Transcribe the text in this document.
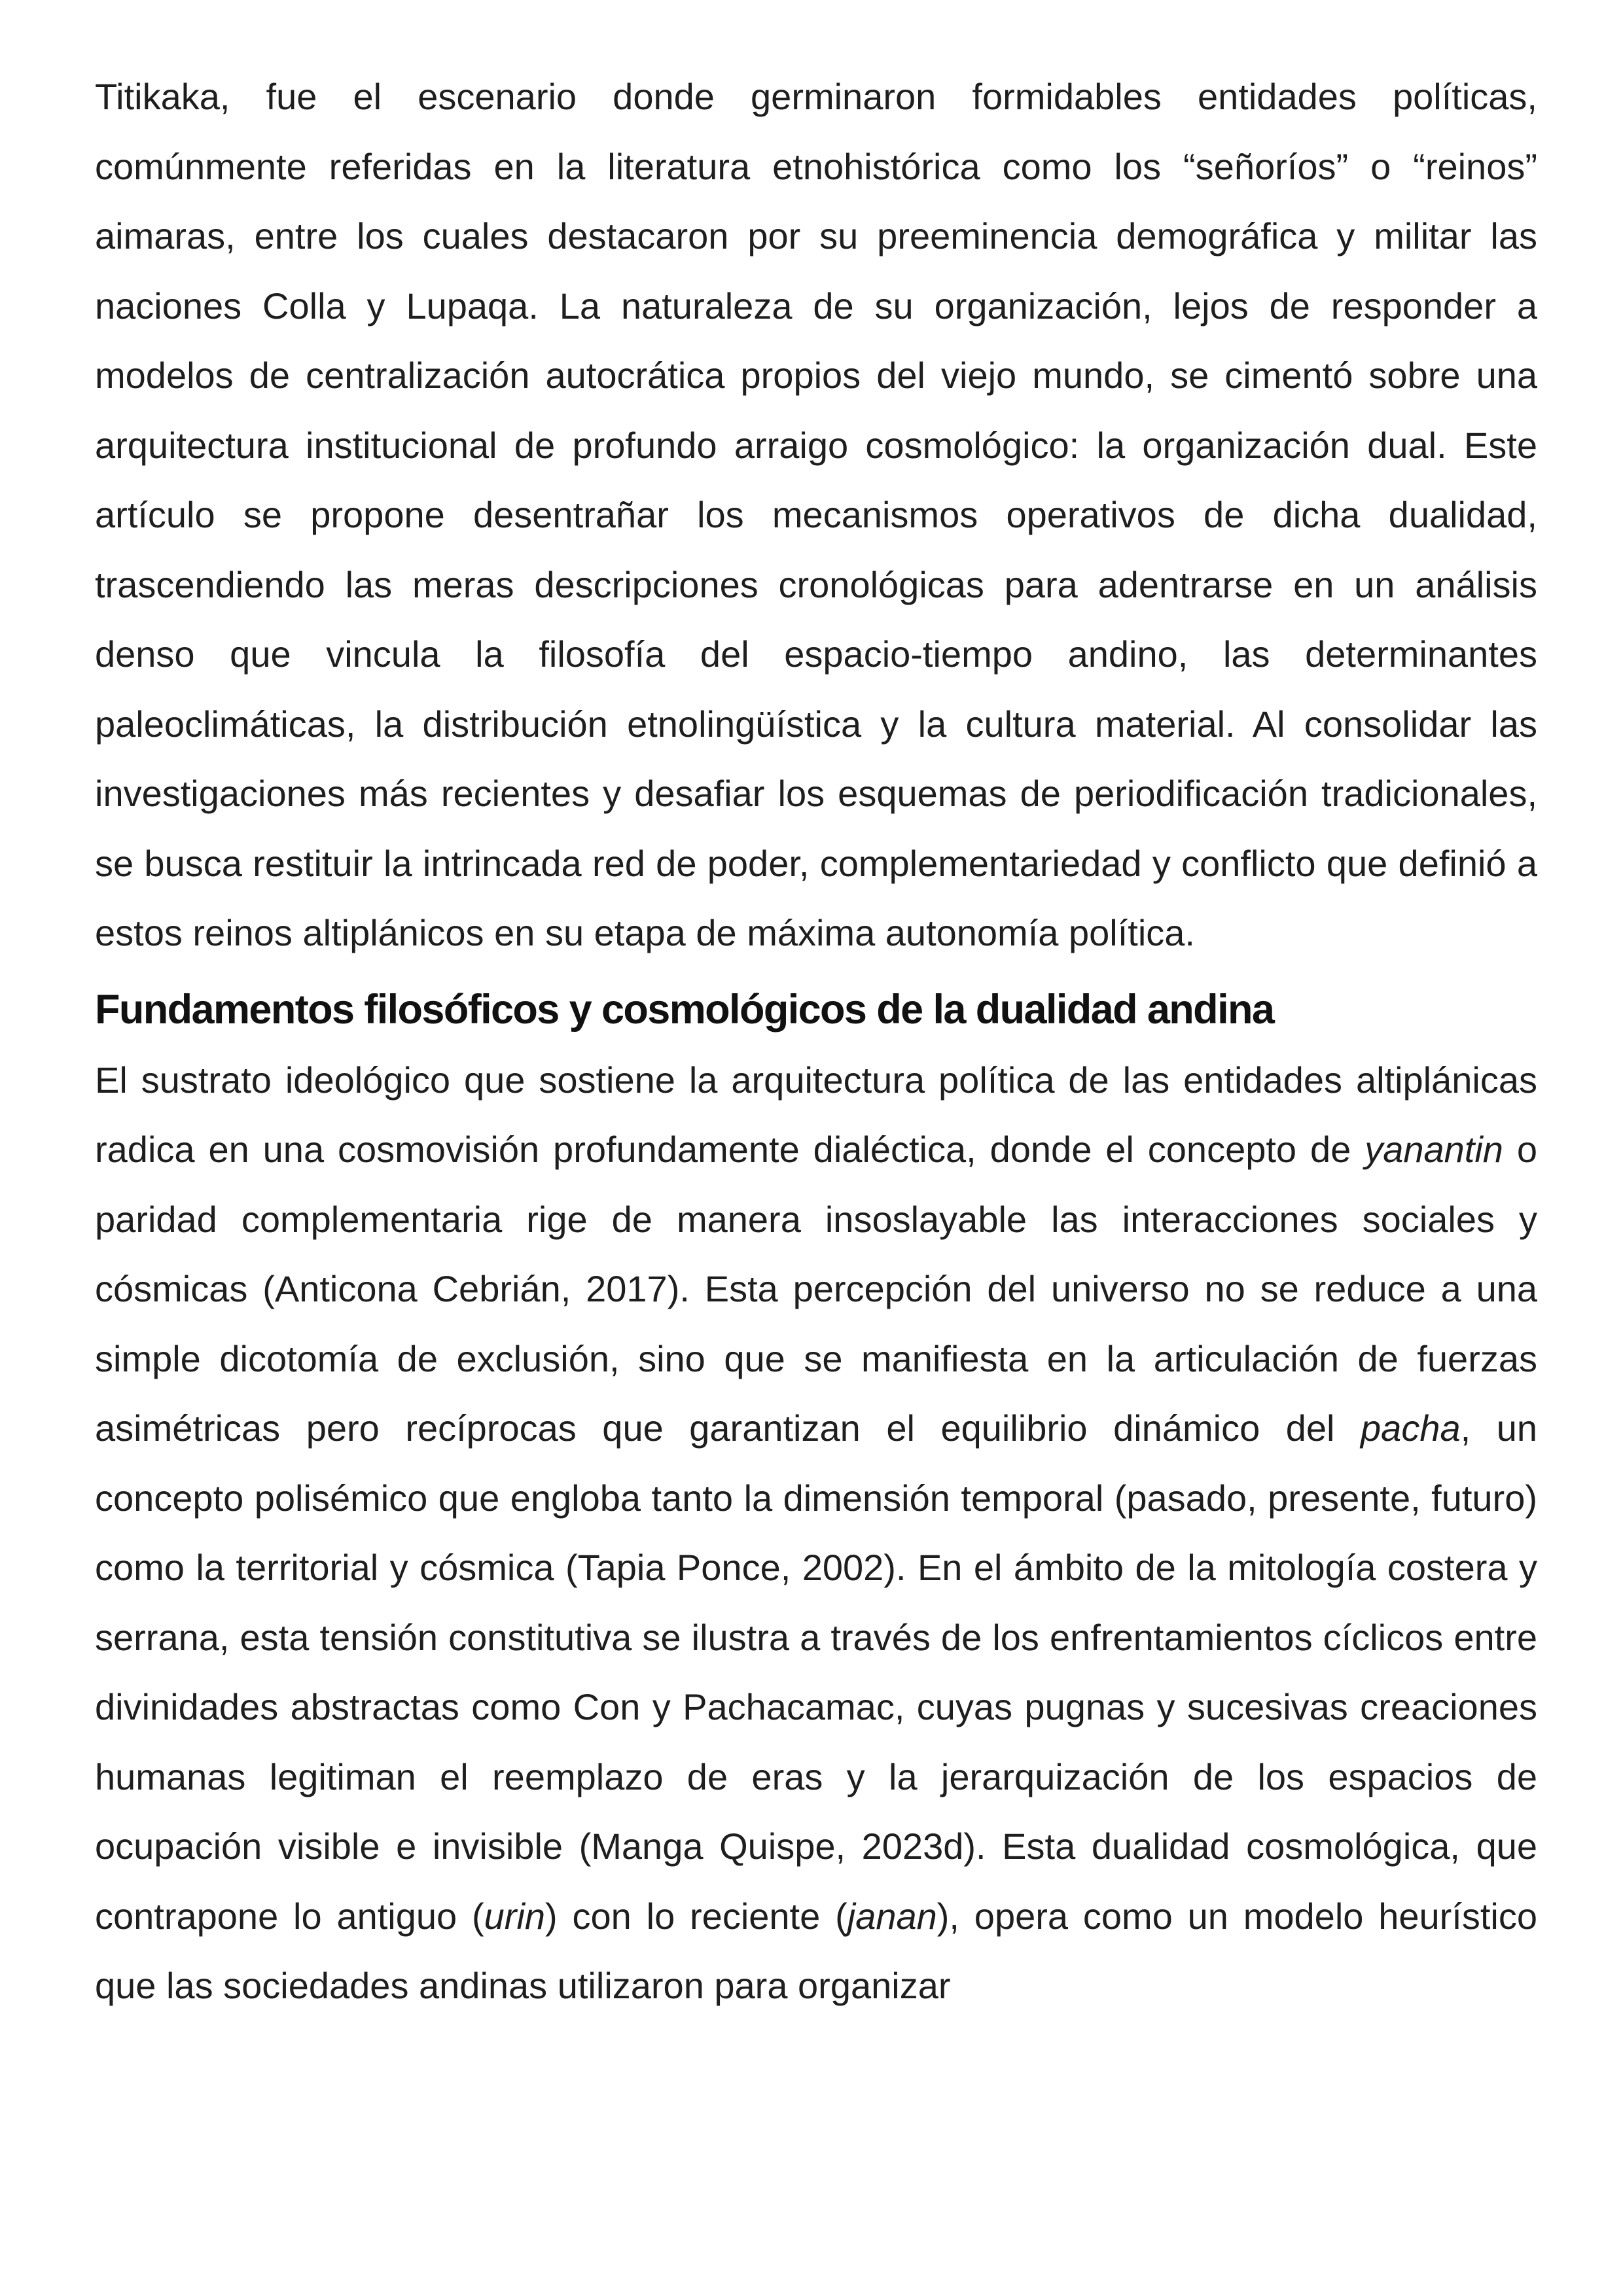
Titikaka, fue el escenario donde germinaron formidables entidades políticas, comúnmente referidas en la literatura etnohistórica como los “señoríos” o “reinos” aimaras, entre los cuales destacaron por su preeminencia demográfica y militar las naciones Colla y Lupaqa. La naturaleza de su organización, lejos de responder a modelos de centralización autocrática propios del viejo mundo, se cimentó sobre una arquitectura institucional de profundo arraigo cosmológico: la organización dual. Este artículo se propone desentrañar los mecanismos operativos de dicha dualidad, trascendiendo las meras descripciones cronológicas para adentrarse en un análisis denso que vincula la filosofía del espacio-tiempo andino, las determinantes paleoclimáticas, la distribución etnolingüística y la cultura material. Al consolidar las investigaciones más recientes y desafiar los esquemas de periodificación tradicionales, se busca restituir la intrincada red de poder, complementariedad y conflicto que definió a estos reinos altiplánicos en su etapa de máxima autonomía política.

Fundamentos filosóficos y cosmológicos de la dualidad andina

El sustrato ideológico que sostiene la arquitectura política de las entidades altiplánicas radica en una cosmovisión profundamente dialéctica, donde el concepto de yanantin o paridad complementaria rige de manera insoslayable las interacciones sociales y cósmicas (Anticona Cebrián, 2017). Esta percepción del universo no se reduce a una simple dicotomía de exclusión, sino que se manifiesta en la articulación de fuerzas asimétricas pero recíprocas que garantizan el equilibrio dinámico del pacha, un concepto polisémico que engloba tanto la dimensión temporal (pasado, presente, futuro) como la territorial y cósmica (Tapia Ponce, 2002). En el ámbito de la mitología costera y serrana, esta tensión constitutiva se ilustra a través de los enfrentamientos cíclicos entre divinidades abstractas como Con y Pachacamac, cuyas pugnas y sucesivas creaciones humanas legitiman el reemplazo de eras y la jerarquización de los espacios de ocupación visible e invisible (Manga Quispe, 2023d). Esta dualidad cosmológica, que contrapone lo antiguo (urin) con lo reciente (janan), opera como un modelo heurístico que las sociedades andinas utilizaron para organizar
